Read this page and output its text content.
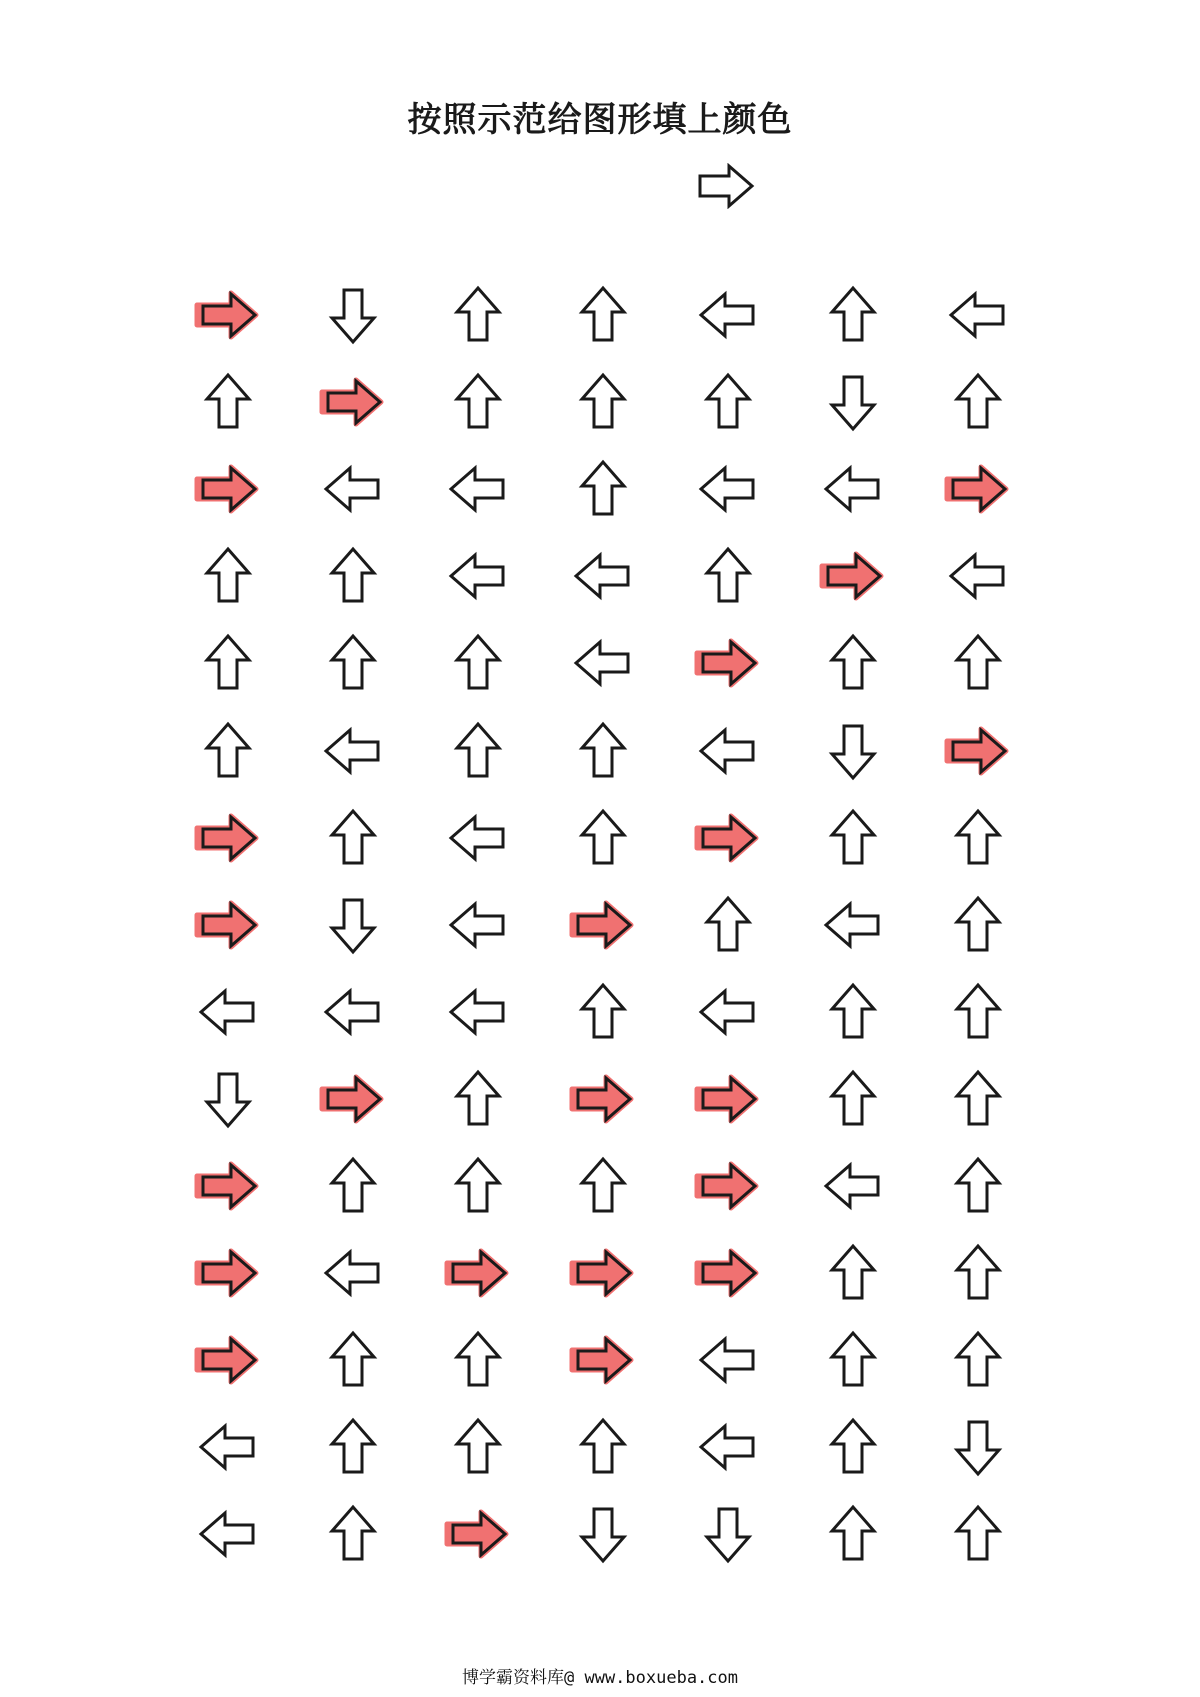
按照示范给图形填上颜色
博学霸资料库@ www.boxueba.com
